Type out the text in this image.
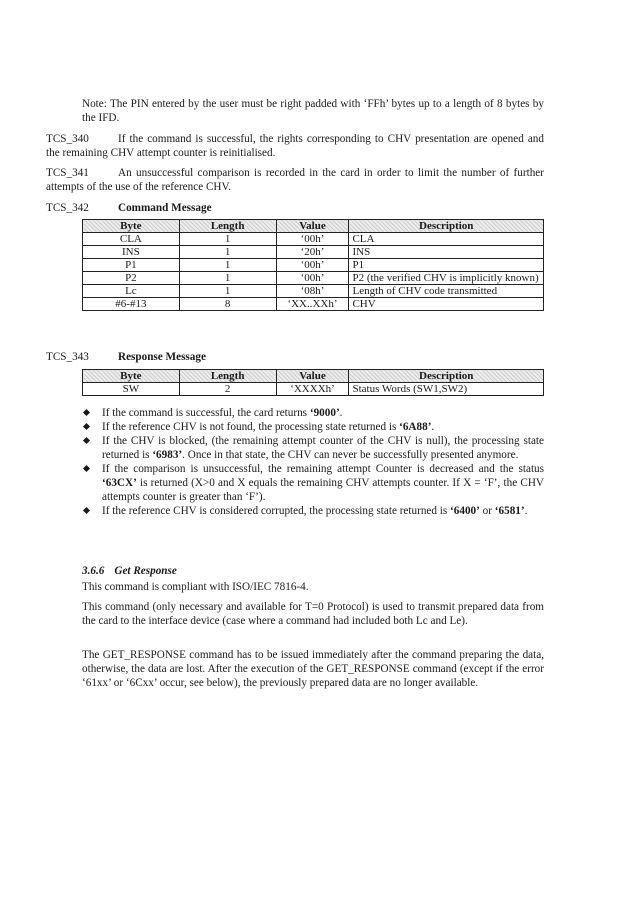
Note: The PIN entered by the user must be right padded with ‘FFh’ bytes up to a length of 8 bytes by the IFD.

TCS_340	If the command is successful, the rights corresponding to CHV presentation are opened and the remaining CHV attempt counter is reinitialised.
TCS_341	An unsuccessful comparison is recorded in the card in order to limit the number of further attempts of the use of the reference CHV.
TCS_342	Command Message
Byte	Length	Value	Description
CLA	1	‘00h’	CLA
INS	1	‘20h’	INS
P1	1	‘00h’	P1
P2	1	‘00h’	P2 (the verified CHV is implicitly known)
Lc	1	‘08h’	Length of CHV code transmitted
#6-#13	8	‘XX..XXh’	CHV
TCS_343	Response Message
Byte	Length	Value	Description
SW	2	‘XXXXh’	Status Words (SW1,SW2)
If the command is successful, the card returns ‘9000’.
If the reference CHV is not found, the processing state returned is ‘6A88’.
If the CHV is blocked, (the remaining attempt counter of the CHV is null), the processing state returned is ‘6983’. Once in that state, the CHV can never be successfully presented anymore.
If the comparison is unsuccessful, the remaining attempt Counter is decreased and the status ‘63CX’ is returned (X>0 and X equals the remaining CHV attempts counter. If X = ‘F’, the CHV attempts counter is greater than ‘F’).
If the reference CHV is considered corrupted, the processing state returned is ‘6400’ or ‘6581’.

3.6.6 Get Response

This command is compliant with ISO/IEC 7816-4.

This command (only necessary and available for T=0 Protocol) is used to transmit prepared data from the card to the interface device (case where a command had included both Lc and Le).

The GET_RESPONSE command has to be issued immediately after the command preparing the data, otherwise, the data are lost. After the execution of the GET_RESPONSE command (except if the error ‘61xx’ or ‘6Cxx’ occur, see below), the previously prepared data are no longer available.
